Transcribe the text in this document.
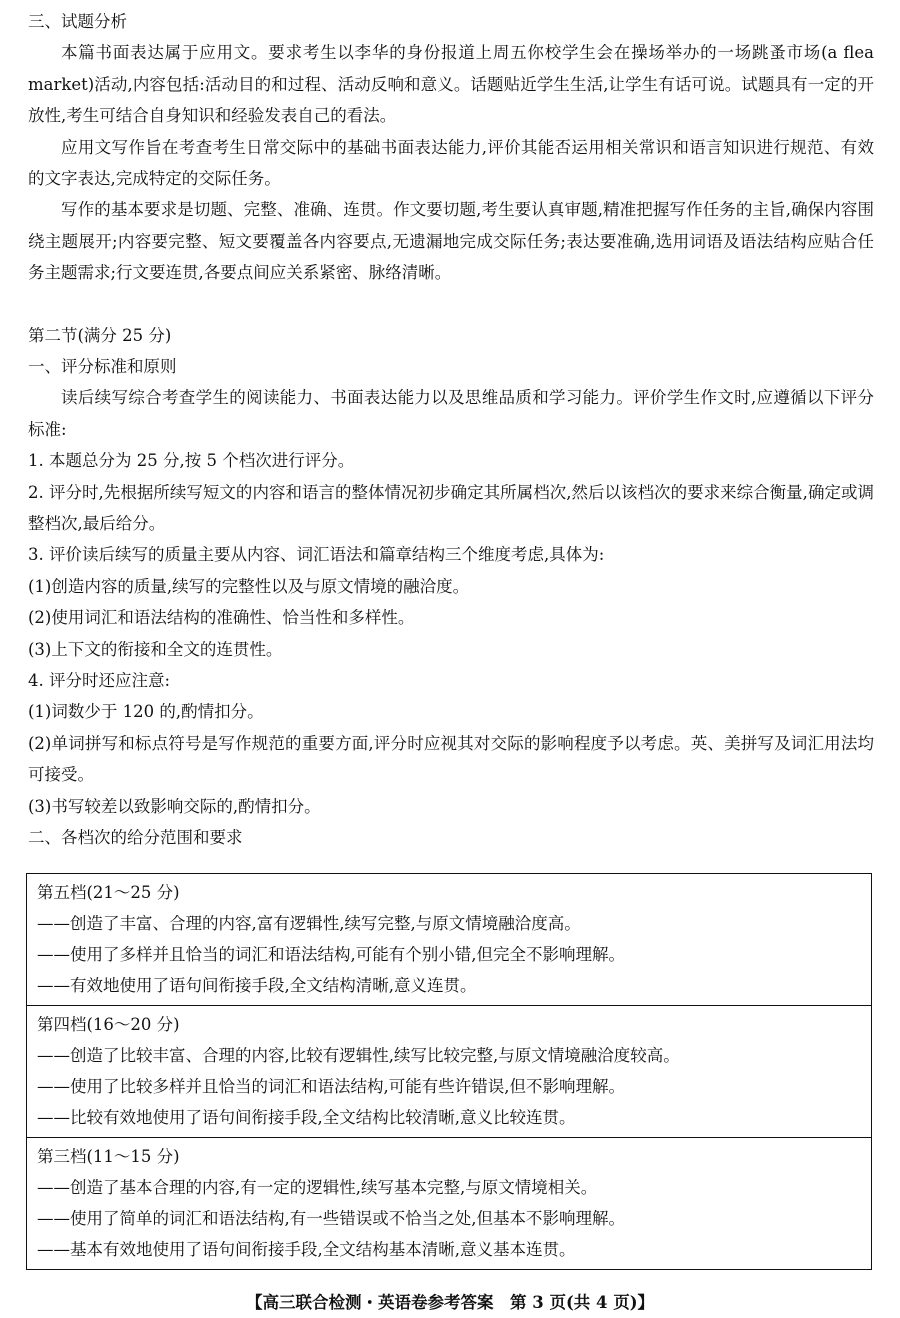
三、试题分析

本篇书面表达属于应用文。要求考生以李华的身份报道上周五你校学生会在操场举办的一场跳蚤市场(a flea market)活动,内容包括:活动目的和过程、活动反响和意义。话题贴近学生生活,让学生有话可说。试题具有一定的开放性,考生可结合自身知识和经验发表自己的看法。

应用文写作旨在考查考生日常交际中的基础书面表达能力,评价其能否运用相关常识和语言知识进行规范、有效的文字表达,完成特定的交际任务。

写作的基本要求是切题、完整、准确、连贯。作文要切题,考生要认真审题,精准把握写作任务的主旨,确保内容围绕主题展开;内容要完整、短文要覆盖各内容要点,无遗漏地完成交际任务;表达要准确,选用词语及语法结构应贴合任务主题需求;行文要连贯,各要点间应关系紧密、脉络清晰。

第二节(满分 25 分)
一、评分标准和原则

读后续写综合考查学生的阅读能力、书面表达能力以及思维品质和学习能力。评价学生作文时,应遵循以下评分标准:

1. 本题总分为 25 分,按 5 个档次进行评分。

2. 评分时,先根据所续写短文的内容和语言的整体情况初步确定其所属档次,然后以该档次的要求来综合衡量,确定或调整档次,最后给分。

3. 评价读后续写的质量主要从内容、词汇语法和篇章结构三个维度考虑,具体为:

(1)创造内容的质量,续写的完整性以及与原文情境的融洽度。

(2)使用词汇和语法结构的准确性、恰当性和多样性。

(3)上下文的衔接和全文的连贯性。

4. 评分时还应注意:

(1)词数少于 120 的,酌情扣分。

(2)单词拼写和标点符号是写作规范的重要方面,评分时应视其对交际的影响程度予以考虑。英、美拼写及词汇用法均可接受。

(3)书写较差以致影响交际的,酌情扣分。

二、各档次的给分范围和要求
第五档(21～25 分)
——创造了丰富、合理的内容,富有逻辑性,续写完整,与原文情境融洽度高。
——使用了多样并且恰当的词汇和语法结构,可能有个别小错,但完全不影响理解。
——有效地使用了语句间衔接手段,全文结构清晰,意义连贯。
第四档(16～20 分)
——创造了比较丰富、合理的内容,比较有逻辑性,续写比较完整,与原文情境融洽度较高。
——使用了比较多样并且恰当的词汇和语法结构,可能有些许错误,但不影响理解。
——比较有效地使用了语句间衔接手段,全文结构比较清晰,意义比较连贯。
第三档(11～15 分)
——创造了基本合理的内容,有一定的逻辑性,续写基本完整,与原文情境相关。
——使用了简单的词汇和语法结构,有一些错误或不恰当之处,但基本不影响理解。
——基本有效地使用了语句间衔接手段,全文结构基本清晰,意义基本连贯。
【高三联合检测・英语卷参考答案　第 3 页(共 4 页)】
